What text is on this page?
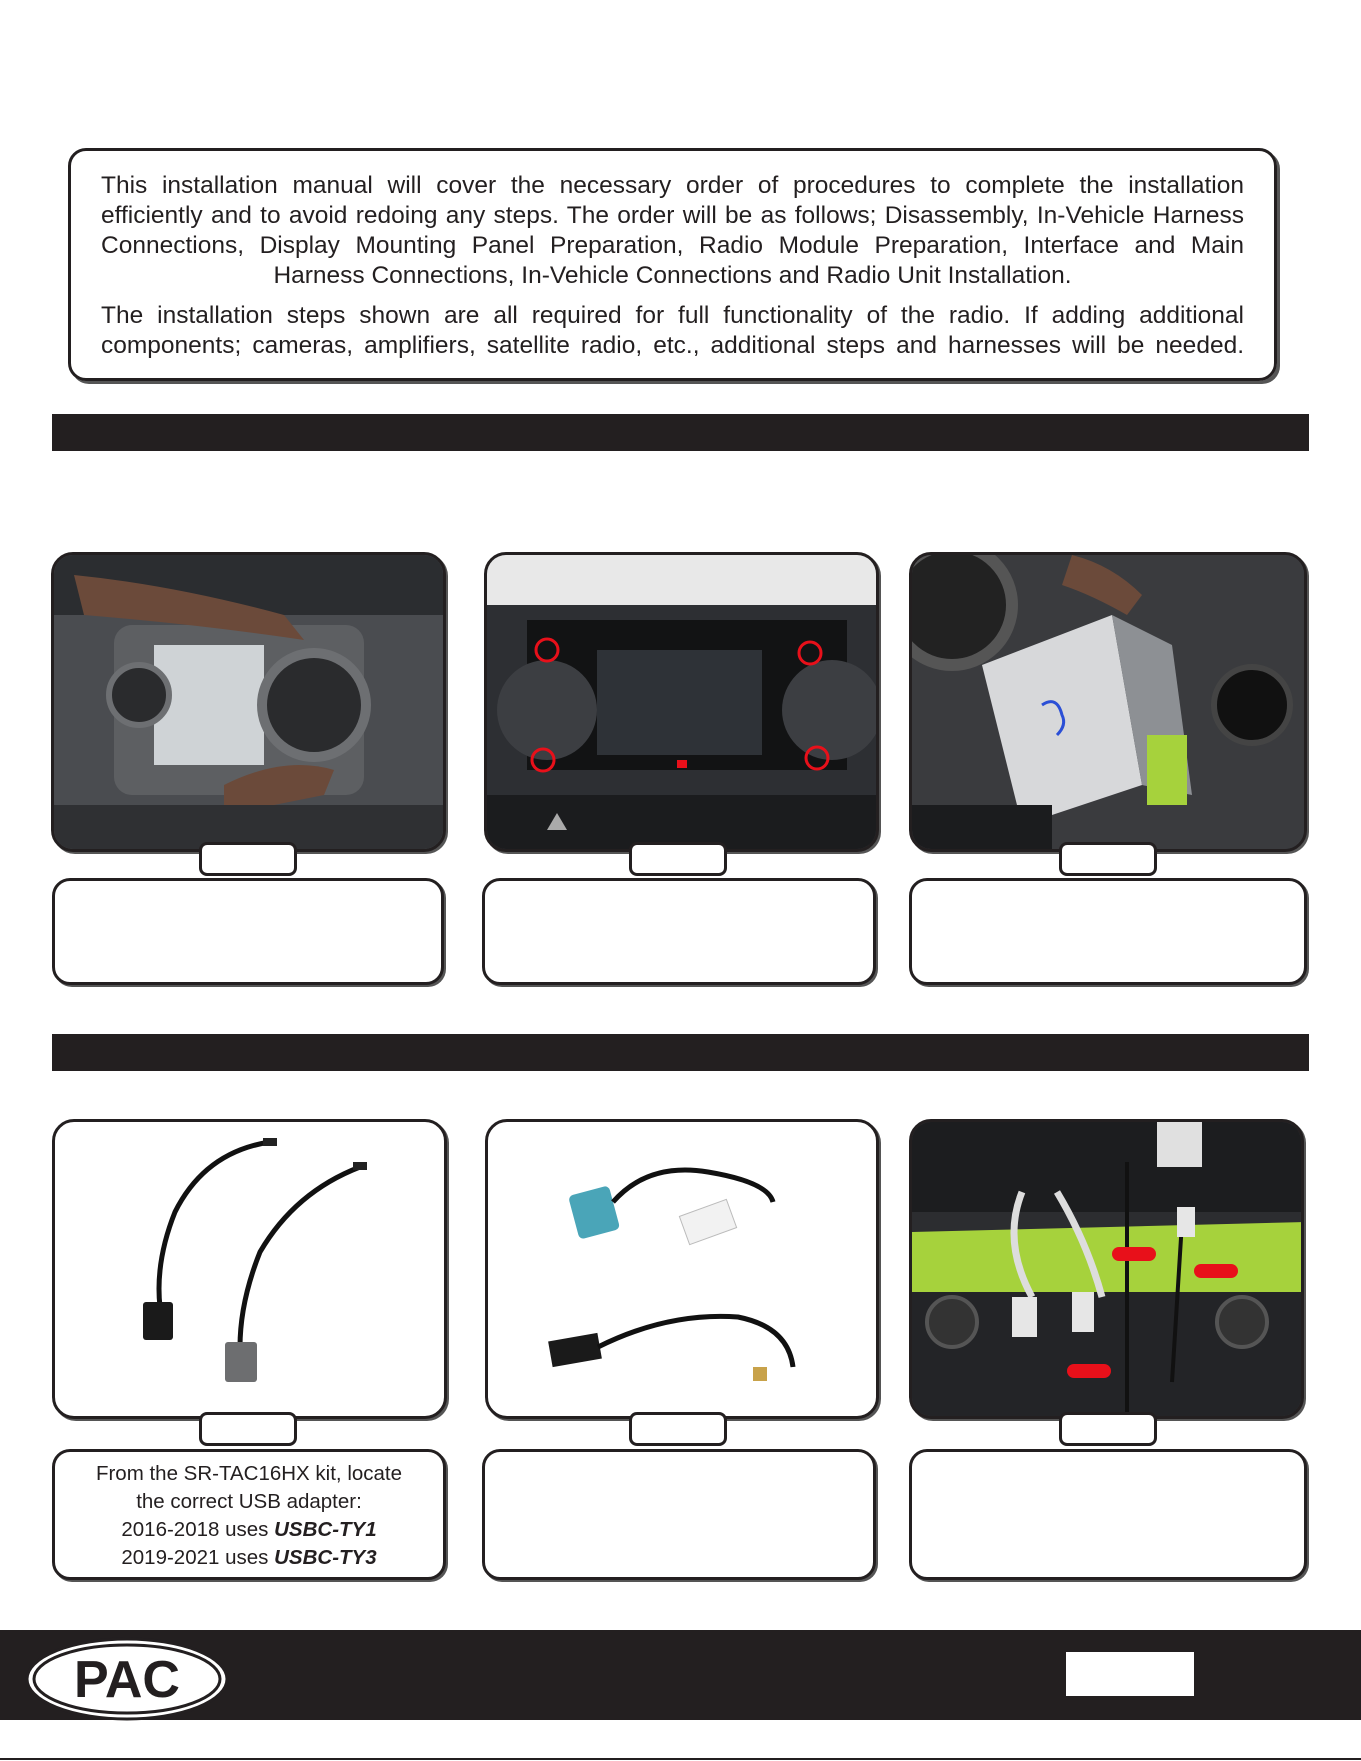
This installation manual will cover the necessary order of procedures to complete the installation efficiently and to avoid redoing any steps. The order will be as follows; Disassembly, In-Vehicle Harness Connections, Display Mounting Panel Preparation, Radio Module Preparation, Interface and Main Harness Connections, In-Vehicle Connections and Radio Unit Installation.

The installation steps shown are all required for full functionality of the radio. If adding additional components; cameras, amplifiers, satellite radio, etc., additional steps and harnesses will be needed.

From the SR-TAC16HX kit, locate
the correct USB adapter:
2016-2018 uses USBC-TY1
2019-2021 uses USBC-TY3
PAC
